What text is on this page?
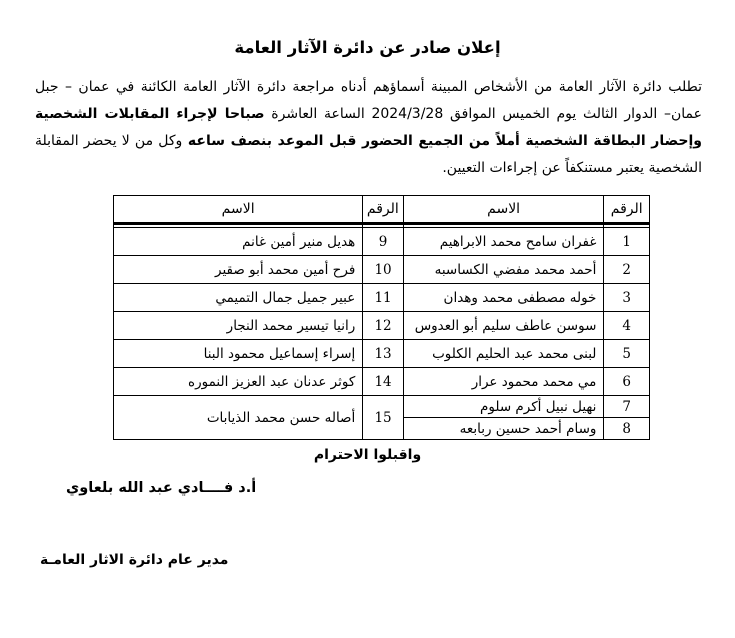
إعلان صادر عن دائرة الآثار العامة

تطلب دائرة الآثار العامة من الأشخاص المبينة أسماؤهم أدناه مراجعة دائرة الآثار العامة الكائنة في عمان – جبل عمان– الدوار الثالث يوم الخميس الموافق 2024/3/28 الساعة العاشرة صباحا لإجراء المقابلات الشخصية وإحضار البطاقة الشخصية أملاً من الجميع الحضور قبل الموعد بنصف ساعه وكل من لا يحضر المقابلة الشخصية يعتبر مستنكفاً عن إجراءات التعيين.

الرقم	الاسم	الرقم	الاسم

1	غفران سامح محمد الابراهيم	9	هديل منير أمين غانم
2	أحمد محمد مفضي الكساسبه	10	فرح أمين محمد أبو صقير
3	خوله مصطفى محمد وهدان	11	عبير جميل جمال التميمي
4	سوسن عاطف سليم أبو العدوس	12	رانيا تيسير محمد النجار
5	لبنى محمد عبد الحليم الكلوب	13	إسراء إسماعيل محمود البنا
6	مي محمد محمود عرار	14	كوثر عدنان عبد العزيز النموره
7	نهيل نبيل أكرم سلوم	15	أصاله حسن محمد الذيابات
8	وسام أحمد حسين ربابعه		

واقبلوا الاحترام

أ.د فــــادي عبد الله بلعاوي
مدير عام دائرة الاثار العامـة
